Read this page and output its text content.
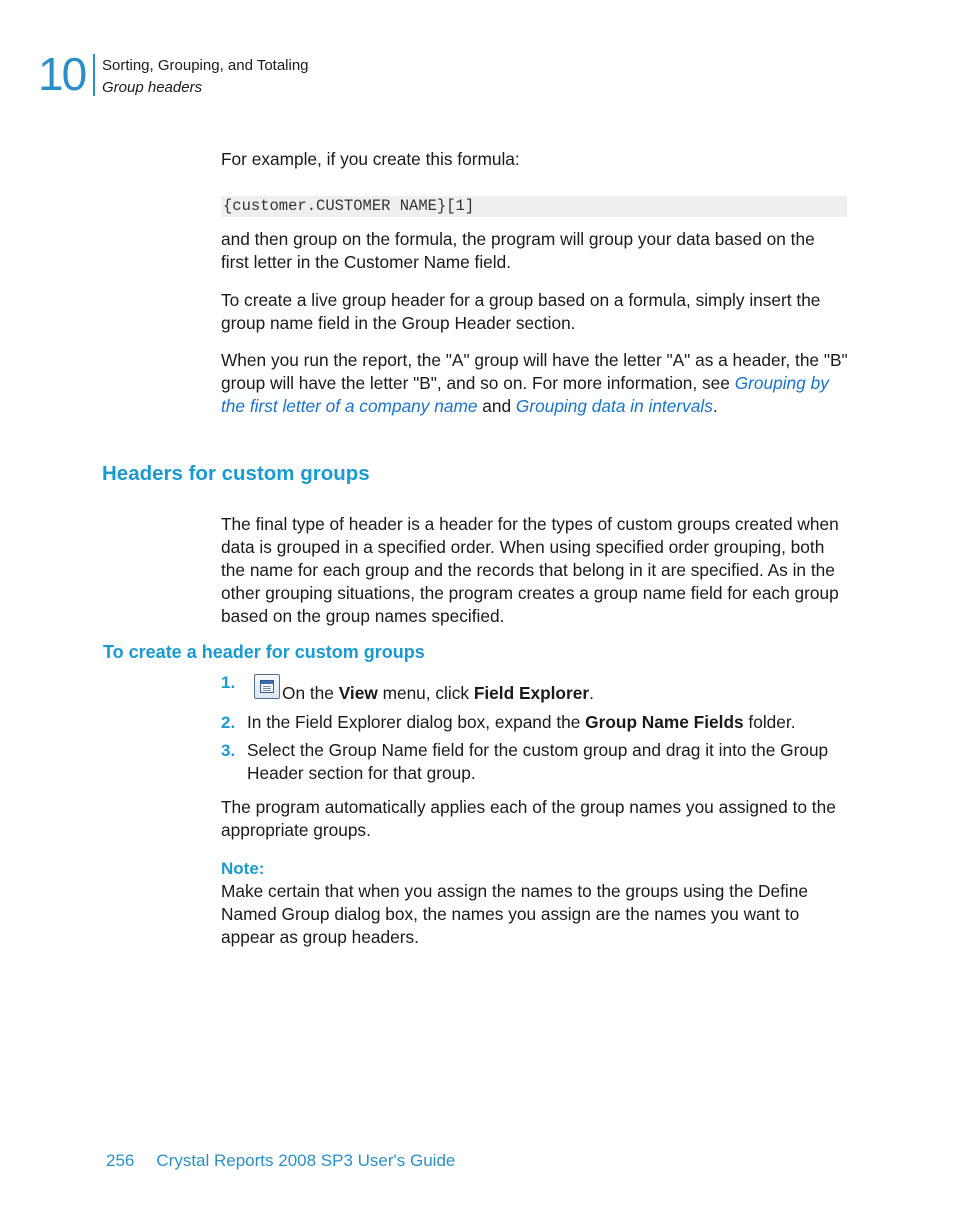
10 Sorting, Grouping, and Totaling
Group headers

For example, if you create this formula:

{customer.CUSTOMER NAME}[1]

and then group on the formula, the program will group your data based on the first letter in the Customer Name field.

To create a live group header for a group based on a formula, simply insert the group name field in the Group Header section.

When you run the report, the "A" group will have the letter "A" as a header, the "B" group will have the letter "B", and so on. For more information, see Grouping by the first letter of a company name and Grouping data in intervals.

Headers for custom groups

The final type of header is a header for the types of custom groups created when data is grouped in a specified order. When using specified order grouping, both the name for each group and the records that belong in it are specified. As in the other grouping situations, the program creates a group name field for each group based on the group names specified.

To create a header for custom groups
1.
On the View menu, click Field Explorer.
2. In the Field Explorer dialog box, expand the Group Name Fields folder.
3. Select the Group Name field for the custom group and drag it into the Group Header section for that group.

The program automatically applies each of the group names you assigned to the appropriate groups.

Note:

Make certain that when you assign the names to the groups using the Define Named Group dialog box, the names you assign are the names you want to appear as group headers.

256 Crystal Reports 2008 SP3 User's Guide
